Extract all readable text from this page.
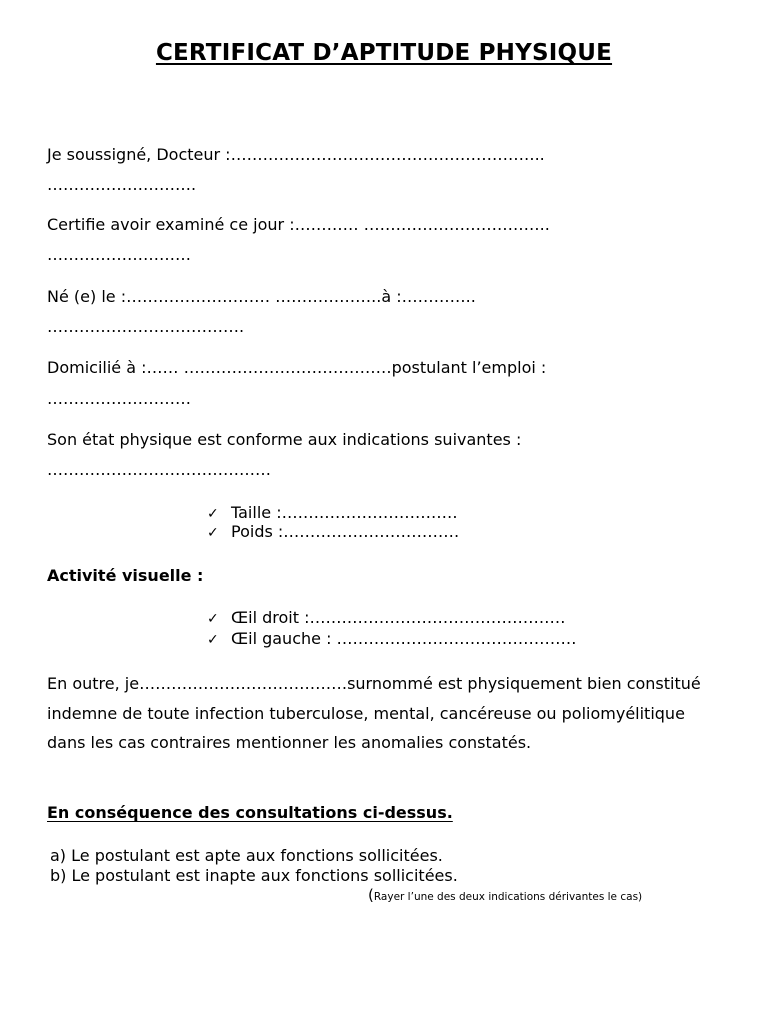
CERTIFICAT D’APTITUDE PHYSIQUE
Je soussigné, Docteur :…………………………………………………..
……………………….
Certifie avoir examiné ce jour :………… ……………………………..
………………………
Né (e) le :……………………… ………………..à :…………..
……………………………….
Domicilié à :…… …………………………………postulant l’emploi :
………………………
Son état physique est conforme aux indications suivantes :
……………………………………
✓ Taille :……………………………
✓ Poids :……………………………
Activité visuelle :
✓ Œil droit :…………………………………………
✓ Œil gauche : ………………………………………
En outre, je…………………………………surnommé est physiquement bien constitué indemne de toute infection tuberculose, mental, cancéreuse ou poliomyélitique dans les cas contraires mentionner les anomalies constatés.
En conséquence des consultations ci-dessus.
a) Le postulant est apte aux fonctions sollicitées.
b) Le postulant est inapte aux fonctions sollicitées.
(Rayer l’une des deux indications dérivantes le cas)
